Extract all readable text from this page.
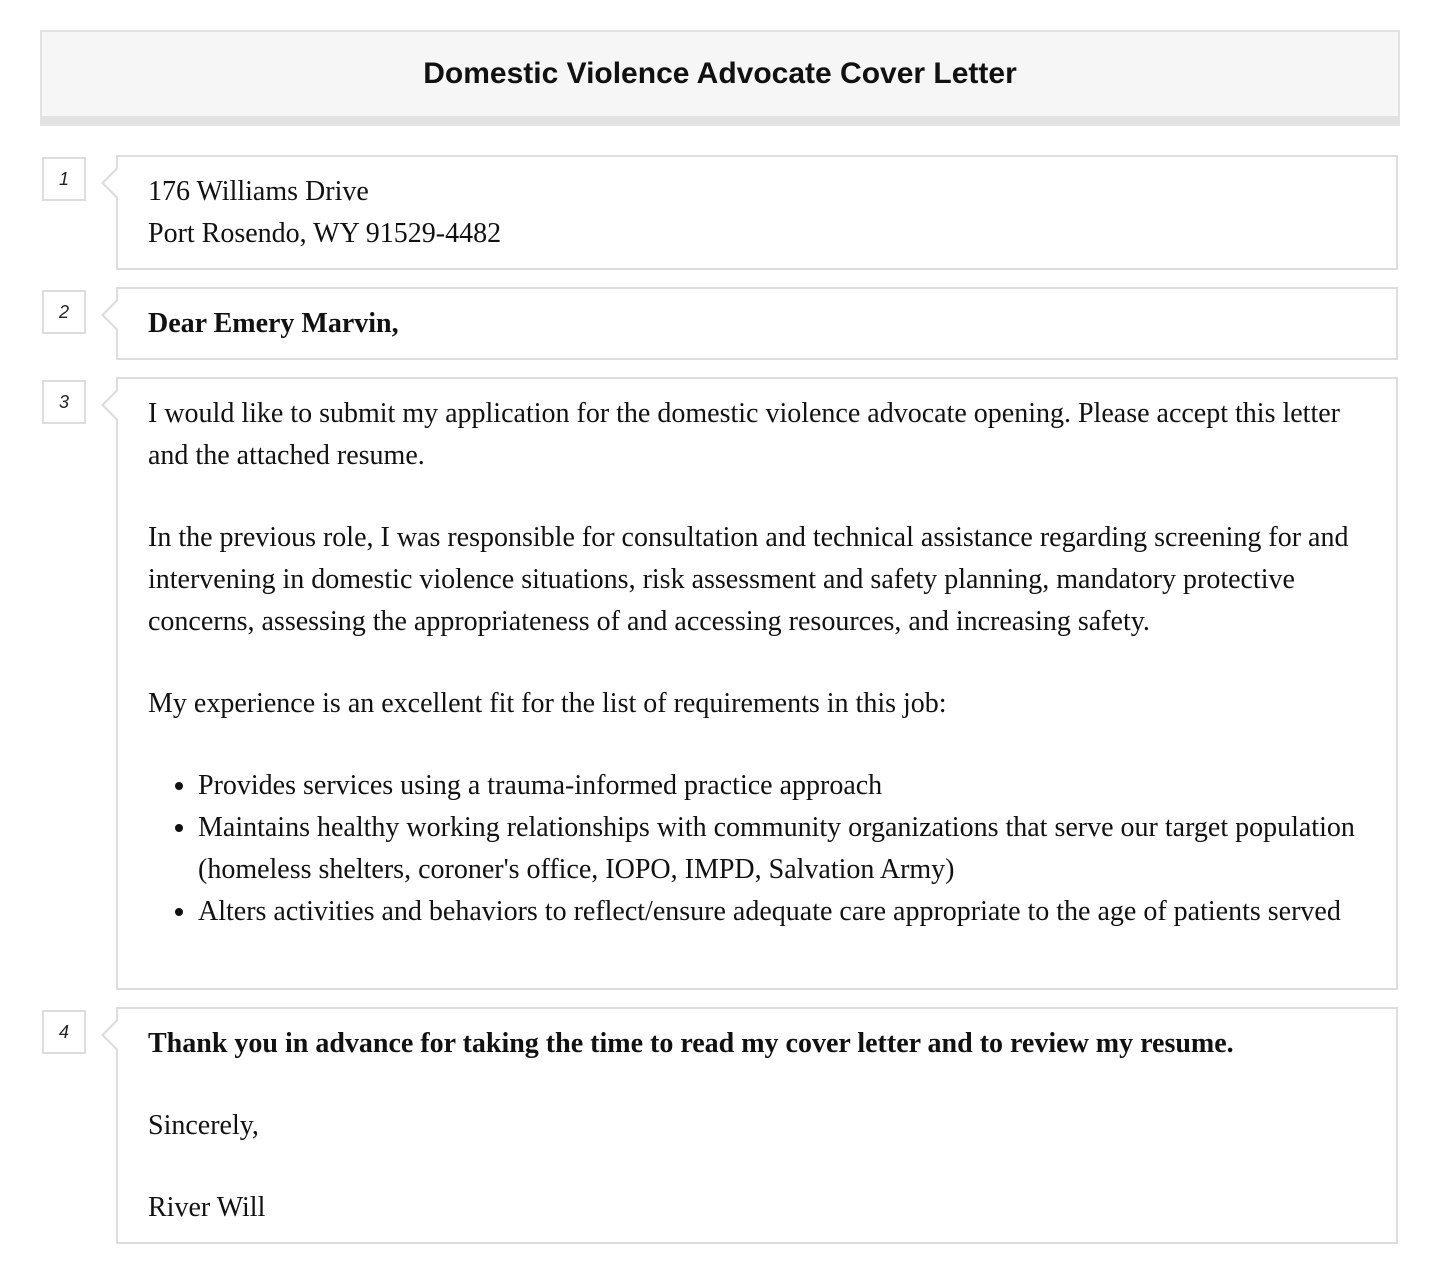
Domestic Violence Advocate Cover Letter
1	176 Williams Drive

Port Rosendo, WY 91529-4482

2	Dear Emery Marvin,

3	I would like to submit my application for the domestic violence advocate opening. Please accept this letter and the attached resume.

In the previous role, I was responsible for consultation and technical assistance regarding screening for and intervening in domestic violence situations, risk assessment and safety planning, mandatory protective concerns, assessing the appropriateness of and accessing resources, and increasing safety.

My experience is an excellent fit for the list of requirements in this job:

• Provides services using a trauma-informed practice approach
• Maintains healthy working relationships with community organizations that serve our target population (homeless shelters, coroner's office, IOPO, IMPD, Salvation Army)
• Alters activities and behaviors to reflect/ensure adequate care appropriate to the age of patients served
4	Thank you in advance for taking the time to read my cover letter and to review my resume.

Sincerely,

River Will
